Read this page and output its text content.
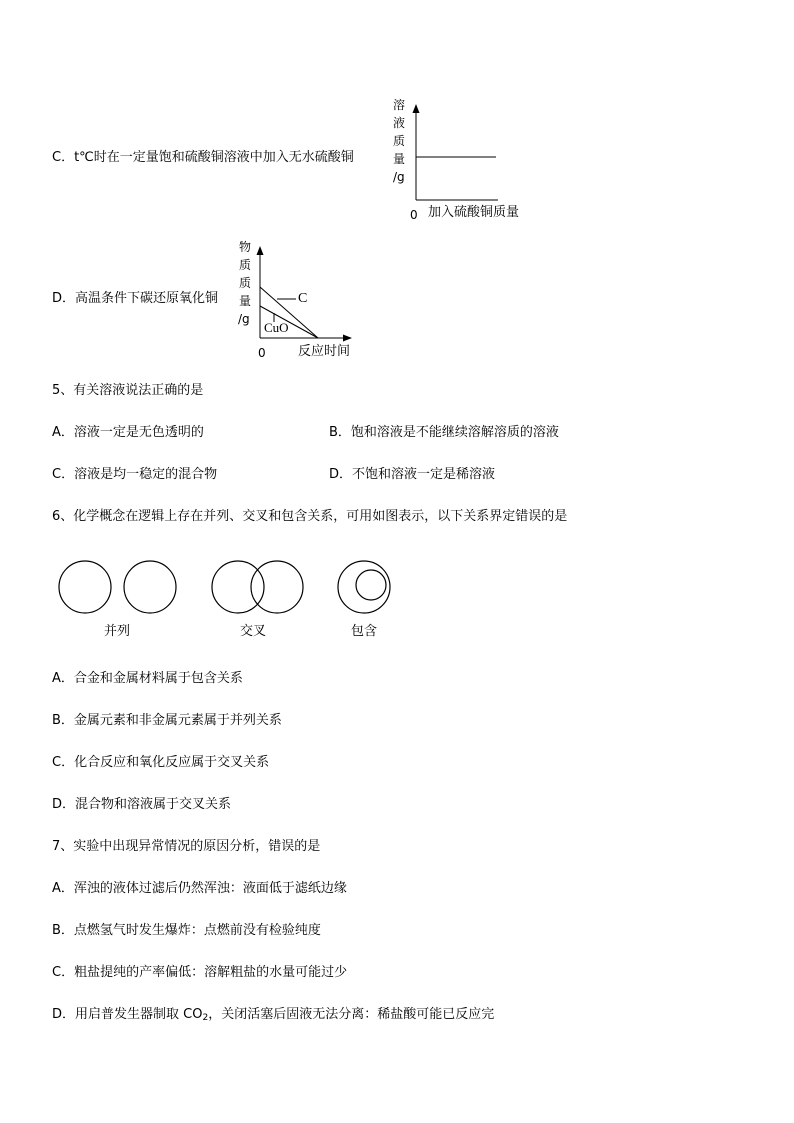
C．t℃时在一定量饱和硫酸铜溶液中加入无水硫酸铜
溶
液
质
量
/g
0 加入硫酸铜质量
D．高温条件下碳还原氧化铜
物
质
质
量
/g
C
CuO
0 反应时间
5、有关溶液说法正确的是
A．溶液一定是无色透明的	B．饱和溶液是不能继续溶解溶质的溶液
C．溶液是均一稳定的混合物	D．不饱和溶液一定是稀溶液
6、化学概念在逻辑上存在并列、交叉和包含关系，可用如图表示，以下关系界定错误的是
并列	交叉	包含
A．合金和金属材料属于包含关系
B．金属元素和非金属元素属于并列关系
C．化合反应和氧化反应属于交叉关系
D．混合物和溶液属于交叉关系
7、实验中出现异常情况的原因分析，错误的是
A．浑浊的液体过滤后仍然浑浊：液面低于滤纸边缘
B．点燃氢气时发生爆炸：点燃前没有检验纯度
C．粗盐提纯的产率偏低：溶解粗盐的水量可能过少
D．用启普发生器制取 $CO_2$，关闭活塞后固液无法分离：稀盐酸可能已反应完
